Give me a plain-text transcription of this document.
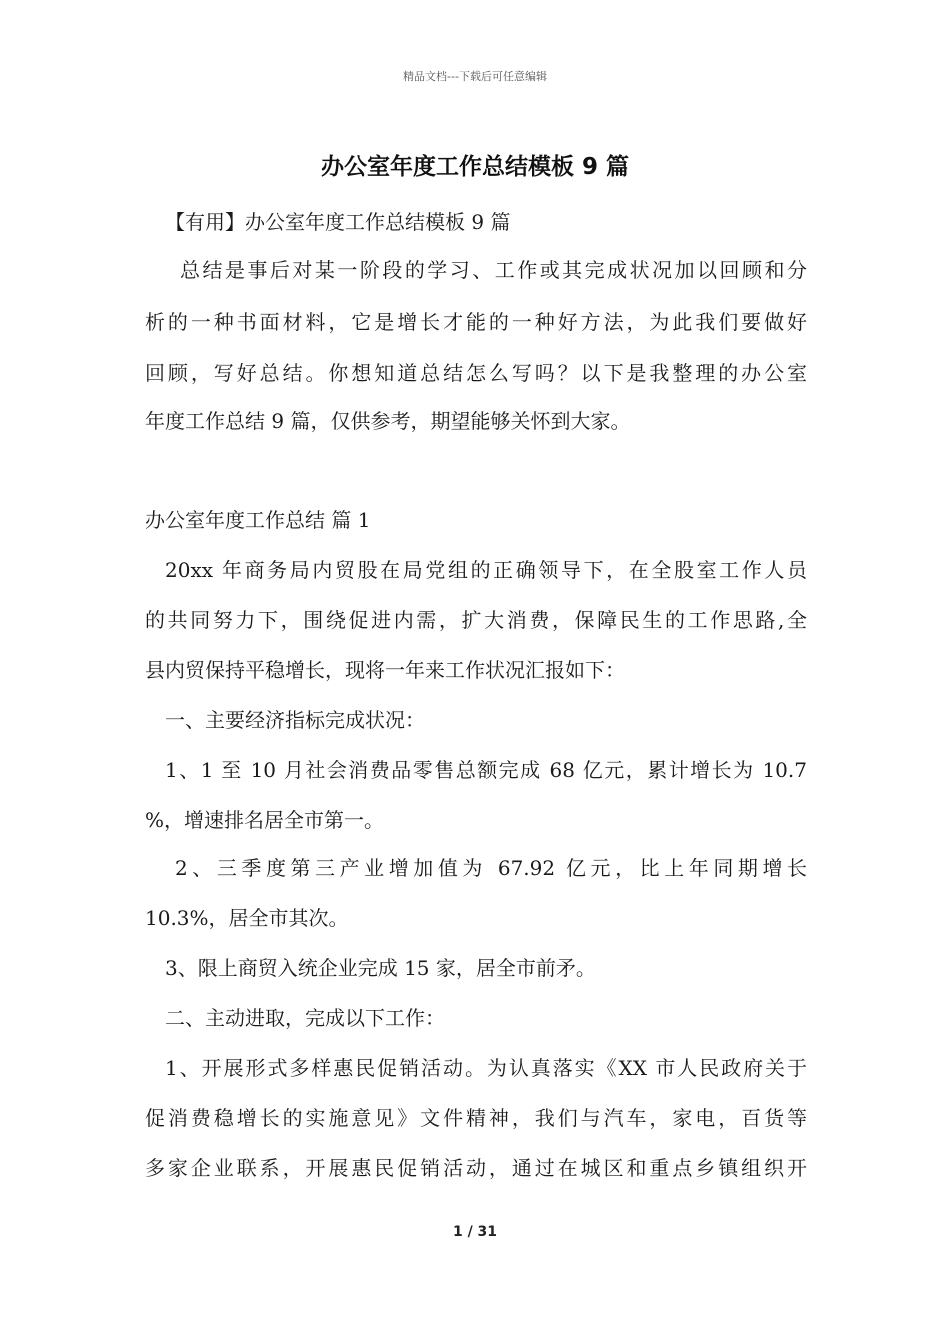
精品文档---下载后可任意编辑
办公室年度工作总结模板 9 篇

【有用】办公室年度工作总结模板 9 篇

总结是事后对某一阶段的学习、工作或其完成状况加以回顾和分

析的一种书面材料，它是增长才能的一种好方法，为此我们要做好

回顾，写好总结。你想知道总结怎么写吗？以下是我整理的办公室

年度工作总结 9 篇，仅供参考，期望能够关怀到大家。

办公室年度工作总结 篇 1

20xx 年商务局内贸股在局党组的正确领导下，在全股室工作人员

的共同努力下，围绕促进内需，扩大消费，保障民生的工作思路,全

县内贸保持平稳增长，现将一年来工作状况汇报如下：

一、主要经济指标完成状况：

1、1 至 10 月社会消费品零售总额完成 68 亿元，累计增长为 10.7

%，增速排名居全市第一。

2、三季度第三产业增加值为 67.92 亿元，比上年同期增长

10.3%，居全市其次。

3、限上商贸入统企业完成 15 家，居全市前矛。

二、主动进取，完成以下工作：

1、开展形式多样惠民促销活动。为认真落实《XX 市人民政府关于

促消费稳增长的实施意见》文件精神，我们与汽车，家电，百货等

多家企业联系，开展惠民促销活动，通过在城区和重点乡镇组织开

1 / 31
